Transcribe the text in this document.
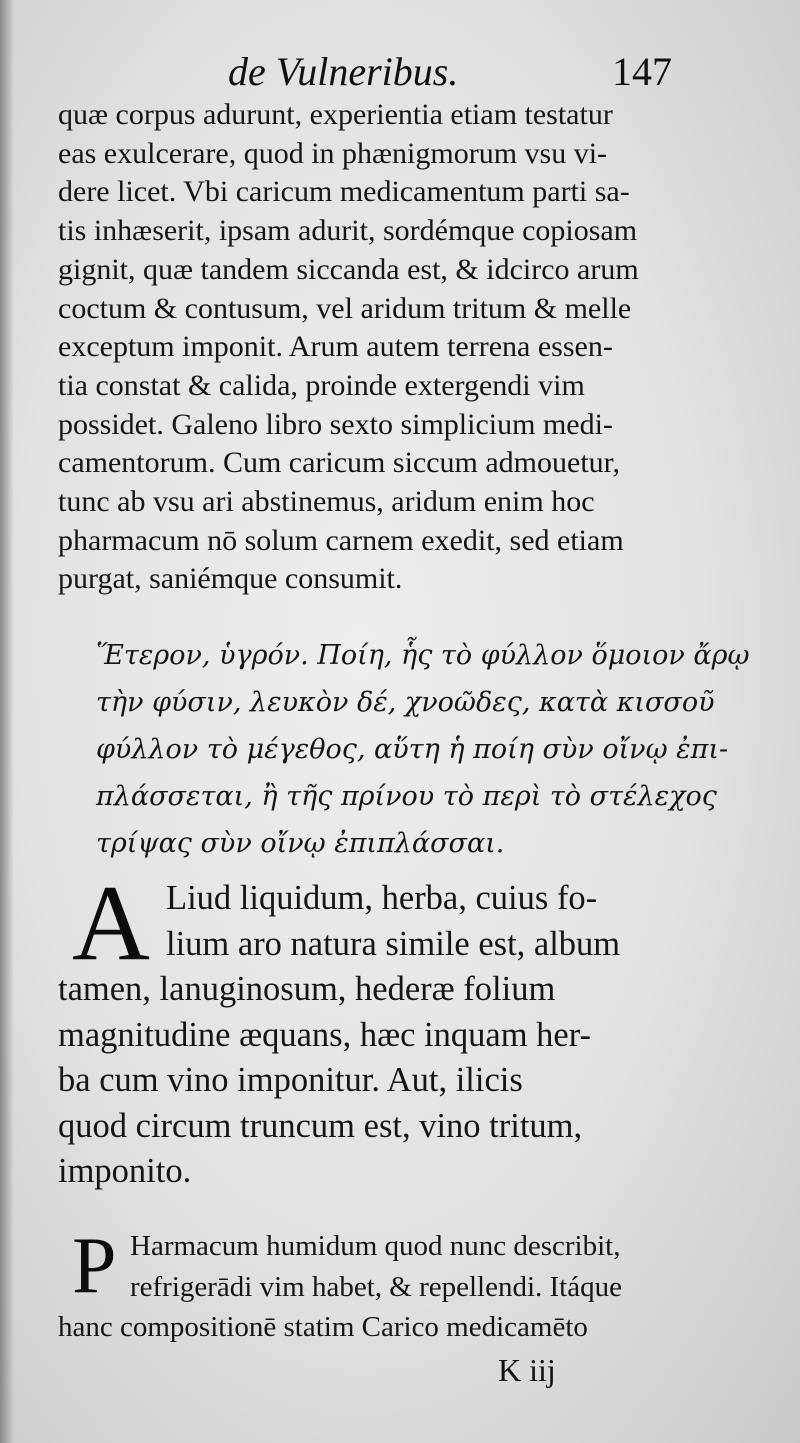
de Vulneribus.	147
quæ corpus adurunt, experientia etiam testatur
eas exulcerare, quod in phænigmorum vsu vi-
dere licet. Vbi caricum medicamentum parti sa-
tis inhæserit, ipsam adurit, sordémque copiosam
gignit, quæ tandem siccanda est, & idcirco arum
coctum & contusum, vel aridum tritum & melle
exceptum imponit. Arum autem terrena essen-
tia constat & calida, proinde extergendi vim
possidet. Galeno libro sexto simplicium medi-
camentorum. Cum caricum siccum admouetur,
tunc ab vsu ari abstinemus, aridum enim hoc
pharmacum nō solum carnem exedit, sed etiam
purgat, saniémque consumit.
Ἕτερον, ὑγρόν. Ποίη, ἧς τὸ φύλλον ὅμοιον ἄρῳ
τὴν φύσιν, λευκὸν δέ, χνοῶδες, κατὰ κισσοῦ
φύλλον τὸ μέγεθος, αὕτη ἡ ποίη σὺν οἴνῳ ἐπι-
πλάσσεται, ἢ τῆς πρίνου τὸ περὶ τὸ στέλεχος
τρίψας σὺν οἴνῳ ἐπιπλάσσαι.
A Liud liquidum, herba, cuius fo-
lium aro natura simile est, album
tamen, lanuginosum, hederæ folium
magnitudine æquans, hæc inquam her-
ba cum vino imponitur. Aut, ilicis
quod circum truncum est, vino tritum,
imponito.
P Harmacum humidum quod nunc describit,
refrigerādi vim habet, & repellendi. Itáque
hanc compositionē statim Carico medicamēto
K iij
